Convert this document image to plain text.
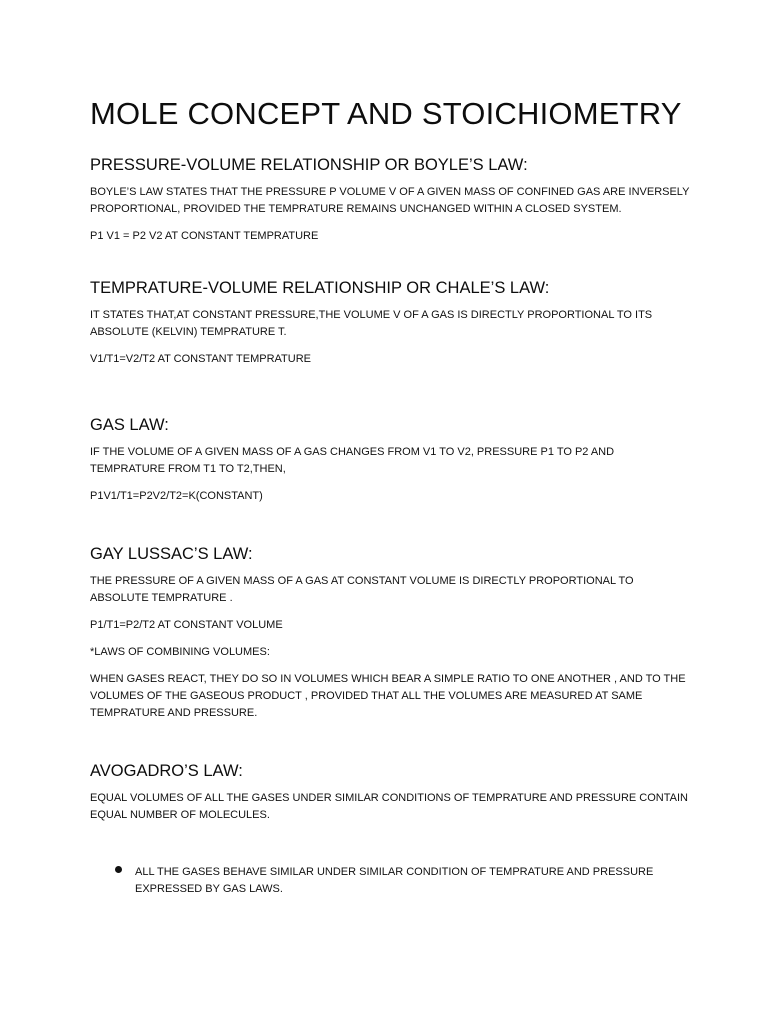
MOLE CONCEPT AND STOICHIOMETRY
PRESSURE-VOLUME RELATIONSHIP OR BOYLE’S LAW:

BOYLE’S LAW STATES THAT THE PRESSURE P VOLUME V OF A GIVEN MASS OF CONFINED GAS ARE INVERSELY PROPORTIONAL, PROVIDED THE TEMPRATURE REMAINS UNCHANGED WITHIN A CLOSED SYSTEM.

P1 V1 = P2 V2 AT CONSTANT TEMPRATURE

TEMPRATURE-VOLUME RELATIONSHIP OR CHALE’S LAW:

IT STATES THAT,AT CONSTANT PRESSURE,THE VOLUME V OF A GAS IS DIRECTLY PROPORTIONAL TO ITS ABSOLUTE (KELVIN) TEMPRATURE T.

V1/T1=V2/T2 AT CONSTANT TEMPRATURE

GAS LAW:

IF THE VOLUME OF A GIVEN MASS OF A GAS CHANGES FROM V1 TO V2, PRESSURE P1 TO P2 AND TEMPRATURE FROM T1 TO T2,THEN,

P1V1/T1=P2V2/T2=K(CONSTANT)

GAY LUSSAC’S LAW:

THE PRESSURE OF A GIVEN MASS OF A GAS AT CONSTANT VOLUME IS DIRECTLY PROPORTIONAL TO ABSOLUTE TEMPRATURE .

P1/T1=P2/T2 AT CONSTANT VOLUME

*LAWS OF COMBINING VOLUMES:

WHEN GASES REACT, THEY DO SO IN VOLUMES WHICH BEAR A SIMPLE RATIO TO ONE ANOTHER , AND TO THE VOLUMES OF THE GASEOUS PRODUCT , PROVIDED THAT ALL THE VOLUMES ARE MEASURED AT SAME TEMPRATURE AND PRESSURE.

AVOGADRO’S LAW:

EQUAL VOLUMES OF ALL THE GASES UNDER SIMILAR CONDITIONS OF TEMPRATURE AND PRESSURE CONTAIN EQUAL NUMBER OF MOLECULES.

ALL THE GASES BEHAVE SIMILAR UNDER SIMILAR CONDITION OF TEMPRATURE AND PRESSURE EXPRESSED BY GAS LAWS.
